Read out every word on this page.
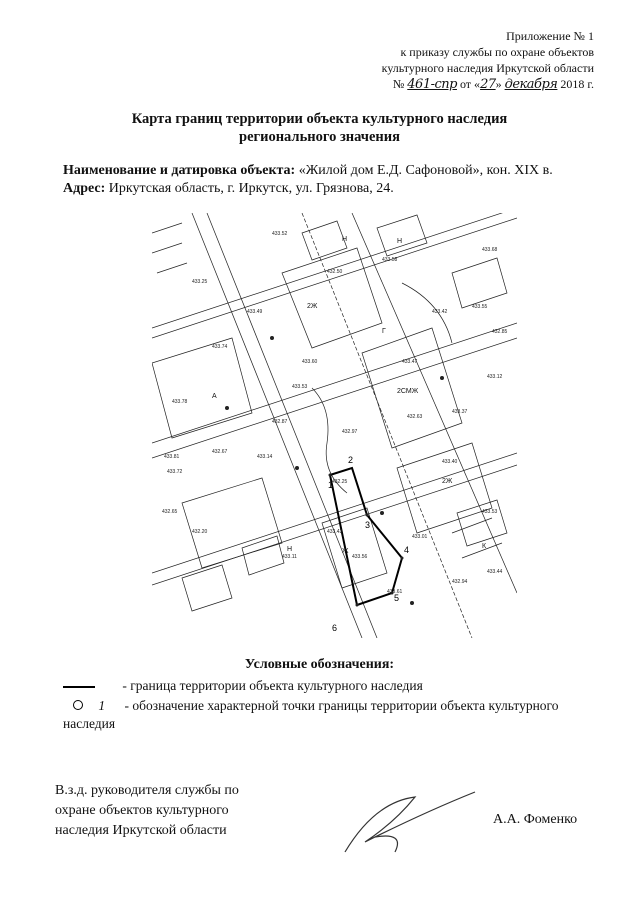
Приложение № 1
к приказу службы по охране объектов
культурного наследия Иркутской области
№ 461-спр от «27» декабря 2018 г.
Карта границ территории объекта культурного наследия
регионального значения
Наименование и датировка объекта: «Жилой дом Е.Д. Сафоновой», кон. XIX в.
Адрес: Иркутская область, г. Иркутск, ул. Грязнова, 24.
2Ж
2СМЖ
2Ж
Г
Н	Н
Н	К
Ж
А
433.52
433.25
433.49
433.58
433.68
433.81
433.72
432.67
432.65
432.20
433.11
432.25
432.97
433.01
433.61
432.94
433.44
433.53
433.40
433.37
433.12
432.85
433.42
433.47
433.60
433.53
432.87
433.14
433.43
433.56
433.55
432.50
433.74
433.78
432.63
1
2
3
4
5
6
Условные обозначения:
- граница территории объекта культурного наследия
1 - обозначение характерной точки границы территории объекта культурного наследия
В.з.д. руководителя службы по
охране объектов культурного
наследия Иркутской области
А.А. Фоменко
